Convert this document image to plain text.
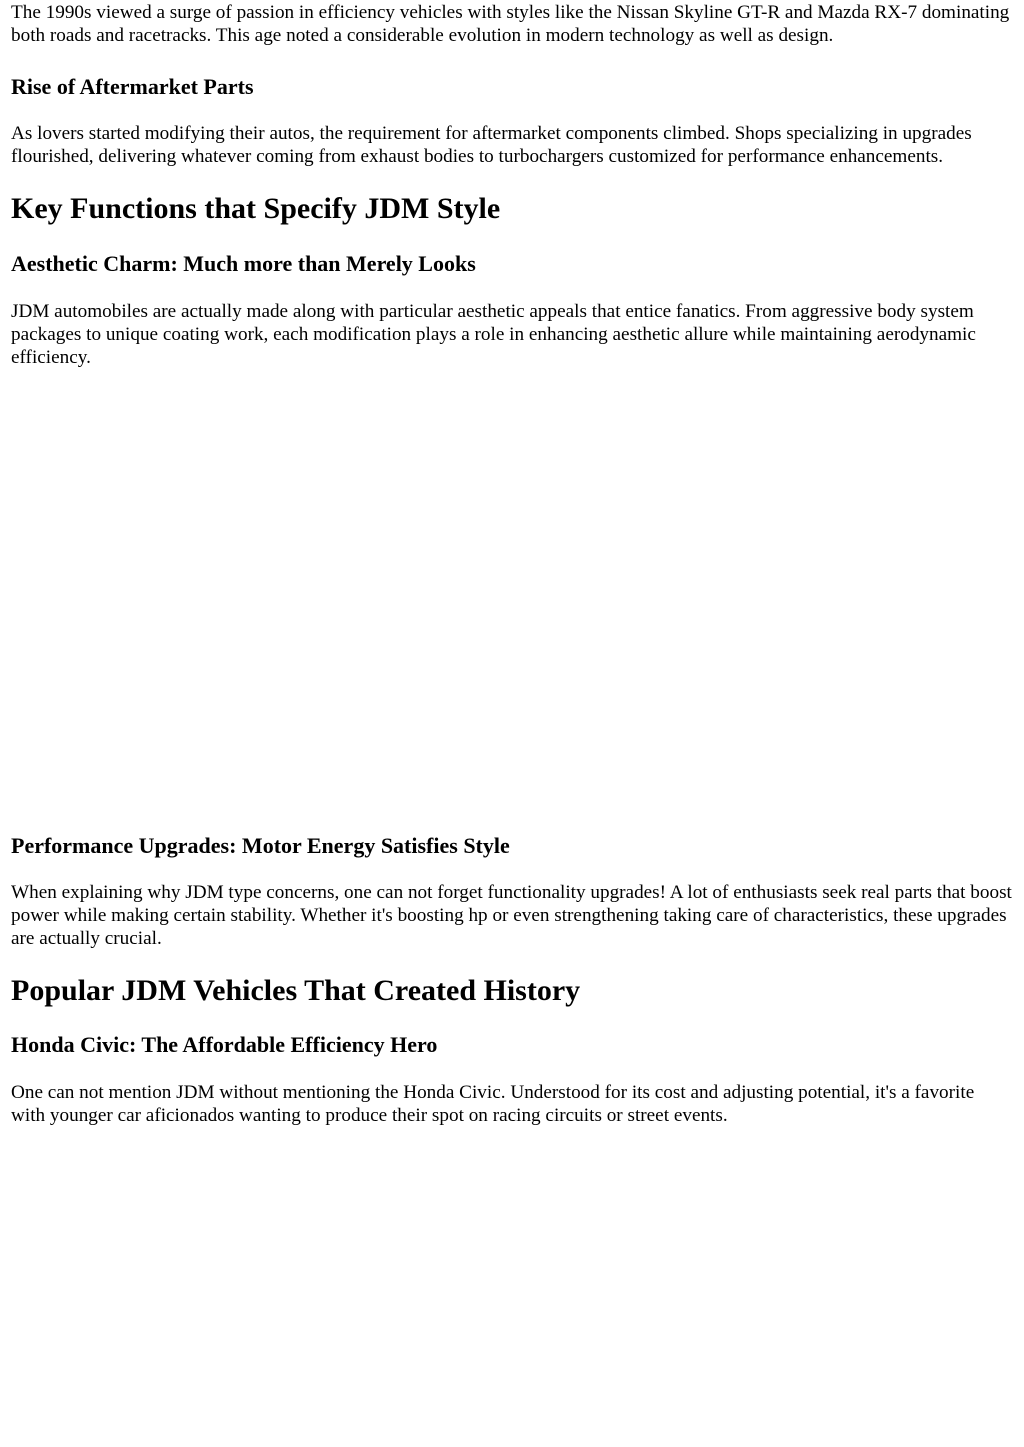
The 1990s viewed a surge of passion in efficiency vehicles with styles like the Nissan Skyline GT-R and Mazda RX-7 dominating both roads and racetracks. This age noted a considerable evolution in modern technology as well as design.

Rise of Aftermarket Parts

As lovers started modifying their autos, the requirement for aftermarket components climbed. Shops specializing in upgrades flourished, delivering whatever coming from exhaust bodies to turbochargers customized for performance enhancements.

Key Functions that Specify JDM Style
Aesthetic Charm: Much more than Merely Looks

JDM automobiles are actually made along with particular aesthetic appeals that entice fanatics. From aggressive body system packages to unique coating work, each modification plays a role in enhancing aesthetic allure while maintaining aerodynamic efficiency.

Performance Upgrades: Motor Energy Satisfies Style

When explaining why JDM type concerns, one can not forget functionality upgrades! A lot of enthusiasts seek real parts that boost power while making certain stability. Whether it's boosting hp or even strengthening taking care of characteristics, these upgrades are actually crucial.

Popular JDM Vehicles That Created History
Honda Civic: The Affordable Efficiency Hero

One can not mention JDM without mentioning the Honda Civic. Understood for its cost and adjusting potential, it's a favorite with younger car aficionados wanting to produce their spot on racing circuits or street events.
